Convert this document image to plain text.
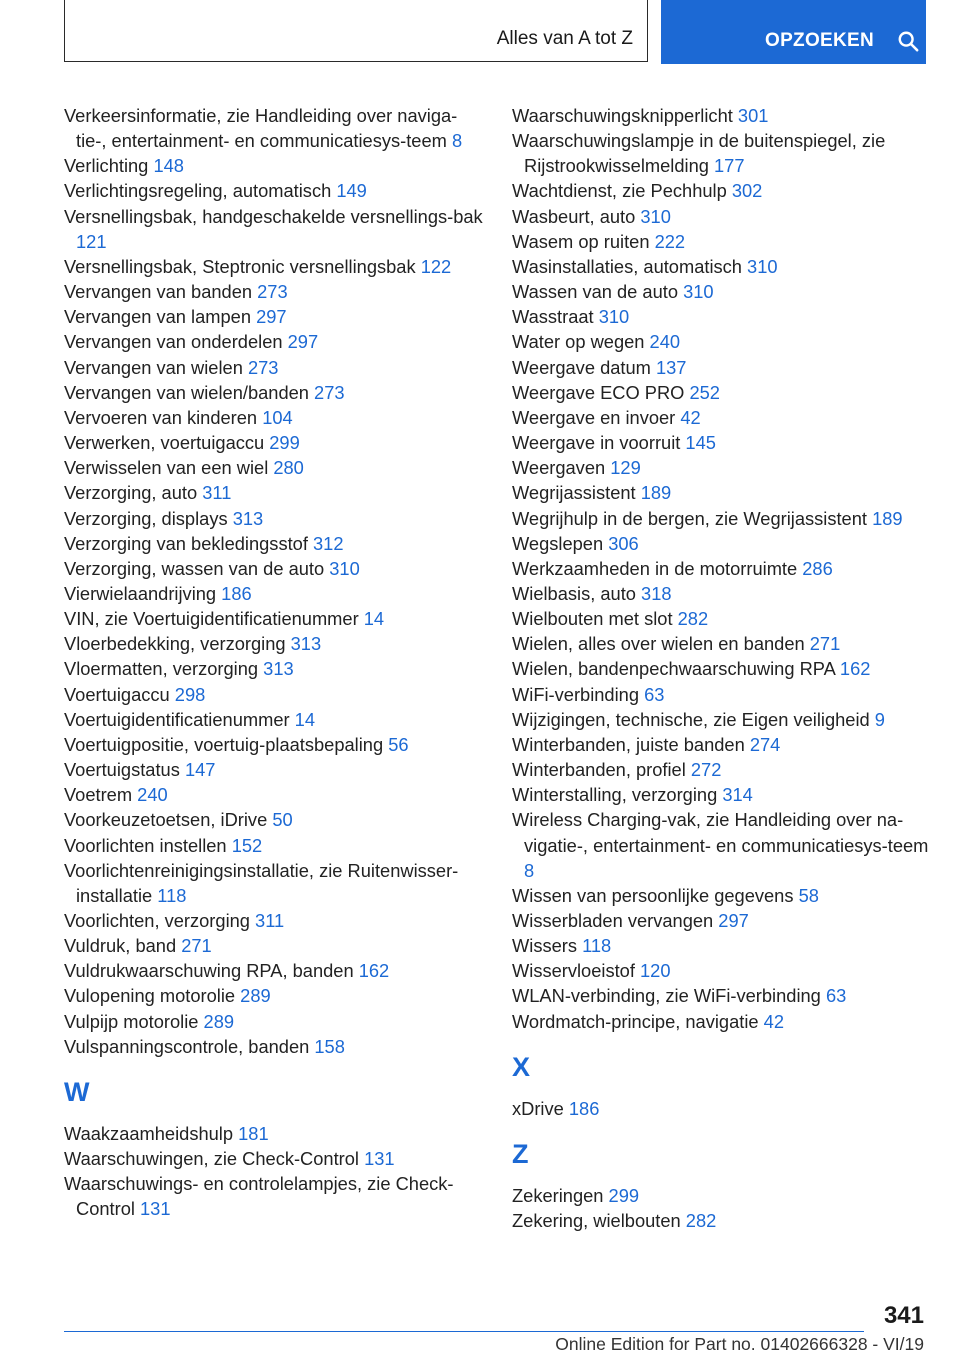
Alles van A tot Z	OPZOEKEN

Verkeersinformatie, zie Handleiding over naviga-tie-, entertainment- en communicatiesys-teem 8

Verlichting 148

Verlichtingsregeling, automatisch 149

Versnellingsbak, handgeschakelde versnellings-bak 121

Versnellingsbak, Steptronic versnellingsbak 122

Vervangen van banden 273

Vervangen van lampen 297

Vervangen van onderdelen 297

Vervangen van wielen 273

Vervangen van wielen/banden 273

Vervoeren van kinderen 104

Verwerken, voertuigaccu 299

Verwisselen van een wiel 280

Verzorging, auto 311

Verzorging, displays 313

Verzorging van bekledingsstof 312

Verzorging, wassen van de auto 310

Vierwielaandrijving 186

VIN, zie Voertuigidentificatienummer 14

Vloerbedekking, verzorging 313

Vloermatten, verzorging 313

Voertuigaccu 298

Voertuigidentificatienummer 14

Voertuigpositie, voertuig-plaatsbepaling 56

Voertuigstatus 147

Voetrem 240

Voorkeuzetoetsen, iDrive 50

Voorlichten instellen 152

Voorlichtenreinigingsinstallatie, zie Ruitenwisser-installatie 118

Voorlichten, verzorging 311

Vuldruk, band 271

Vuldrukwaarschuwing RPA, banden 162

Vulopening motorolie 289

Vulpijp motorolie 289

Vulspanningscontrole, banden 158

W

Waakzaamheidshulp 181

Waarschuwingen, zie Check-Control 131

Waarschuwings- en controlelampjes, zie Check-Control 131

Waarschuwingsknipperlicht 301

Waarschuwingslampje in de buitenspiegel, zie Rijstrookwisselmelding 177

Wachtdienst, zie Pechhulp 302

Wasbeurt, auto 310

Wasem op ruiten 222

Wasinstallaties, automatisch 310

Wassen van de auto 310

Wasstraat 310

Water op wegen 240

Weergave datum 137

Weergave ECO PRO 252

Weergave en invoer 42

Weergave in voorruit 145

Weergaven 129

Wegrijassistent 189

Wegrijhulp in de bergen, zie Wegrijassistent 189

Wegslepen 306

Werkzaamheden in de motorruimte 286

Wielbasis, auto 318

Wielbouten met slot 282

Wielen, alles over wielen en banden 271

Wielen, bandenpechwaarschuwing RPA 162

WiFi-verbinding 63

Wijzigingen, technische, zie Eigen veiligheid 9

Winterbanden, juiste banden 274

Winterbanden, profiel 272

Winterstalling, verzorging 314

Wireless Charging-vak, zie Handleiding over na-vigatie-, entertainment- en communicatiesys-teem 8

Wissen van persoonlijke gegevens 58

Wisserbladen vervangen 297

Wissers 118

Wisservloeistof 120

WLAN-verbinding, zie WiFi-verbinding 63

Wordmatch-principe, navigatie 42

X

xDrive 186

Z

Zekeringen 299

Zekering, wielbouten 282

341
Online Edition for Part no. 01402666328 - VI/19
